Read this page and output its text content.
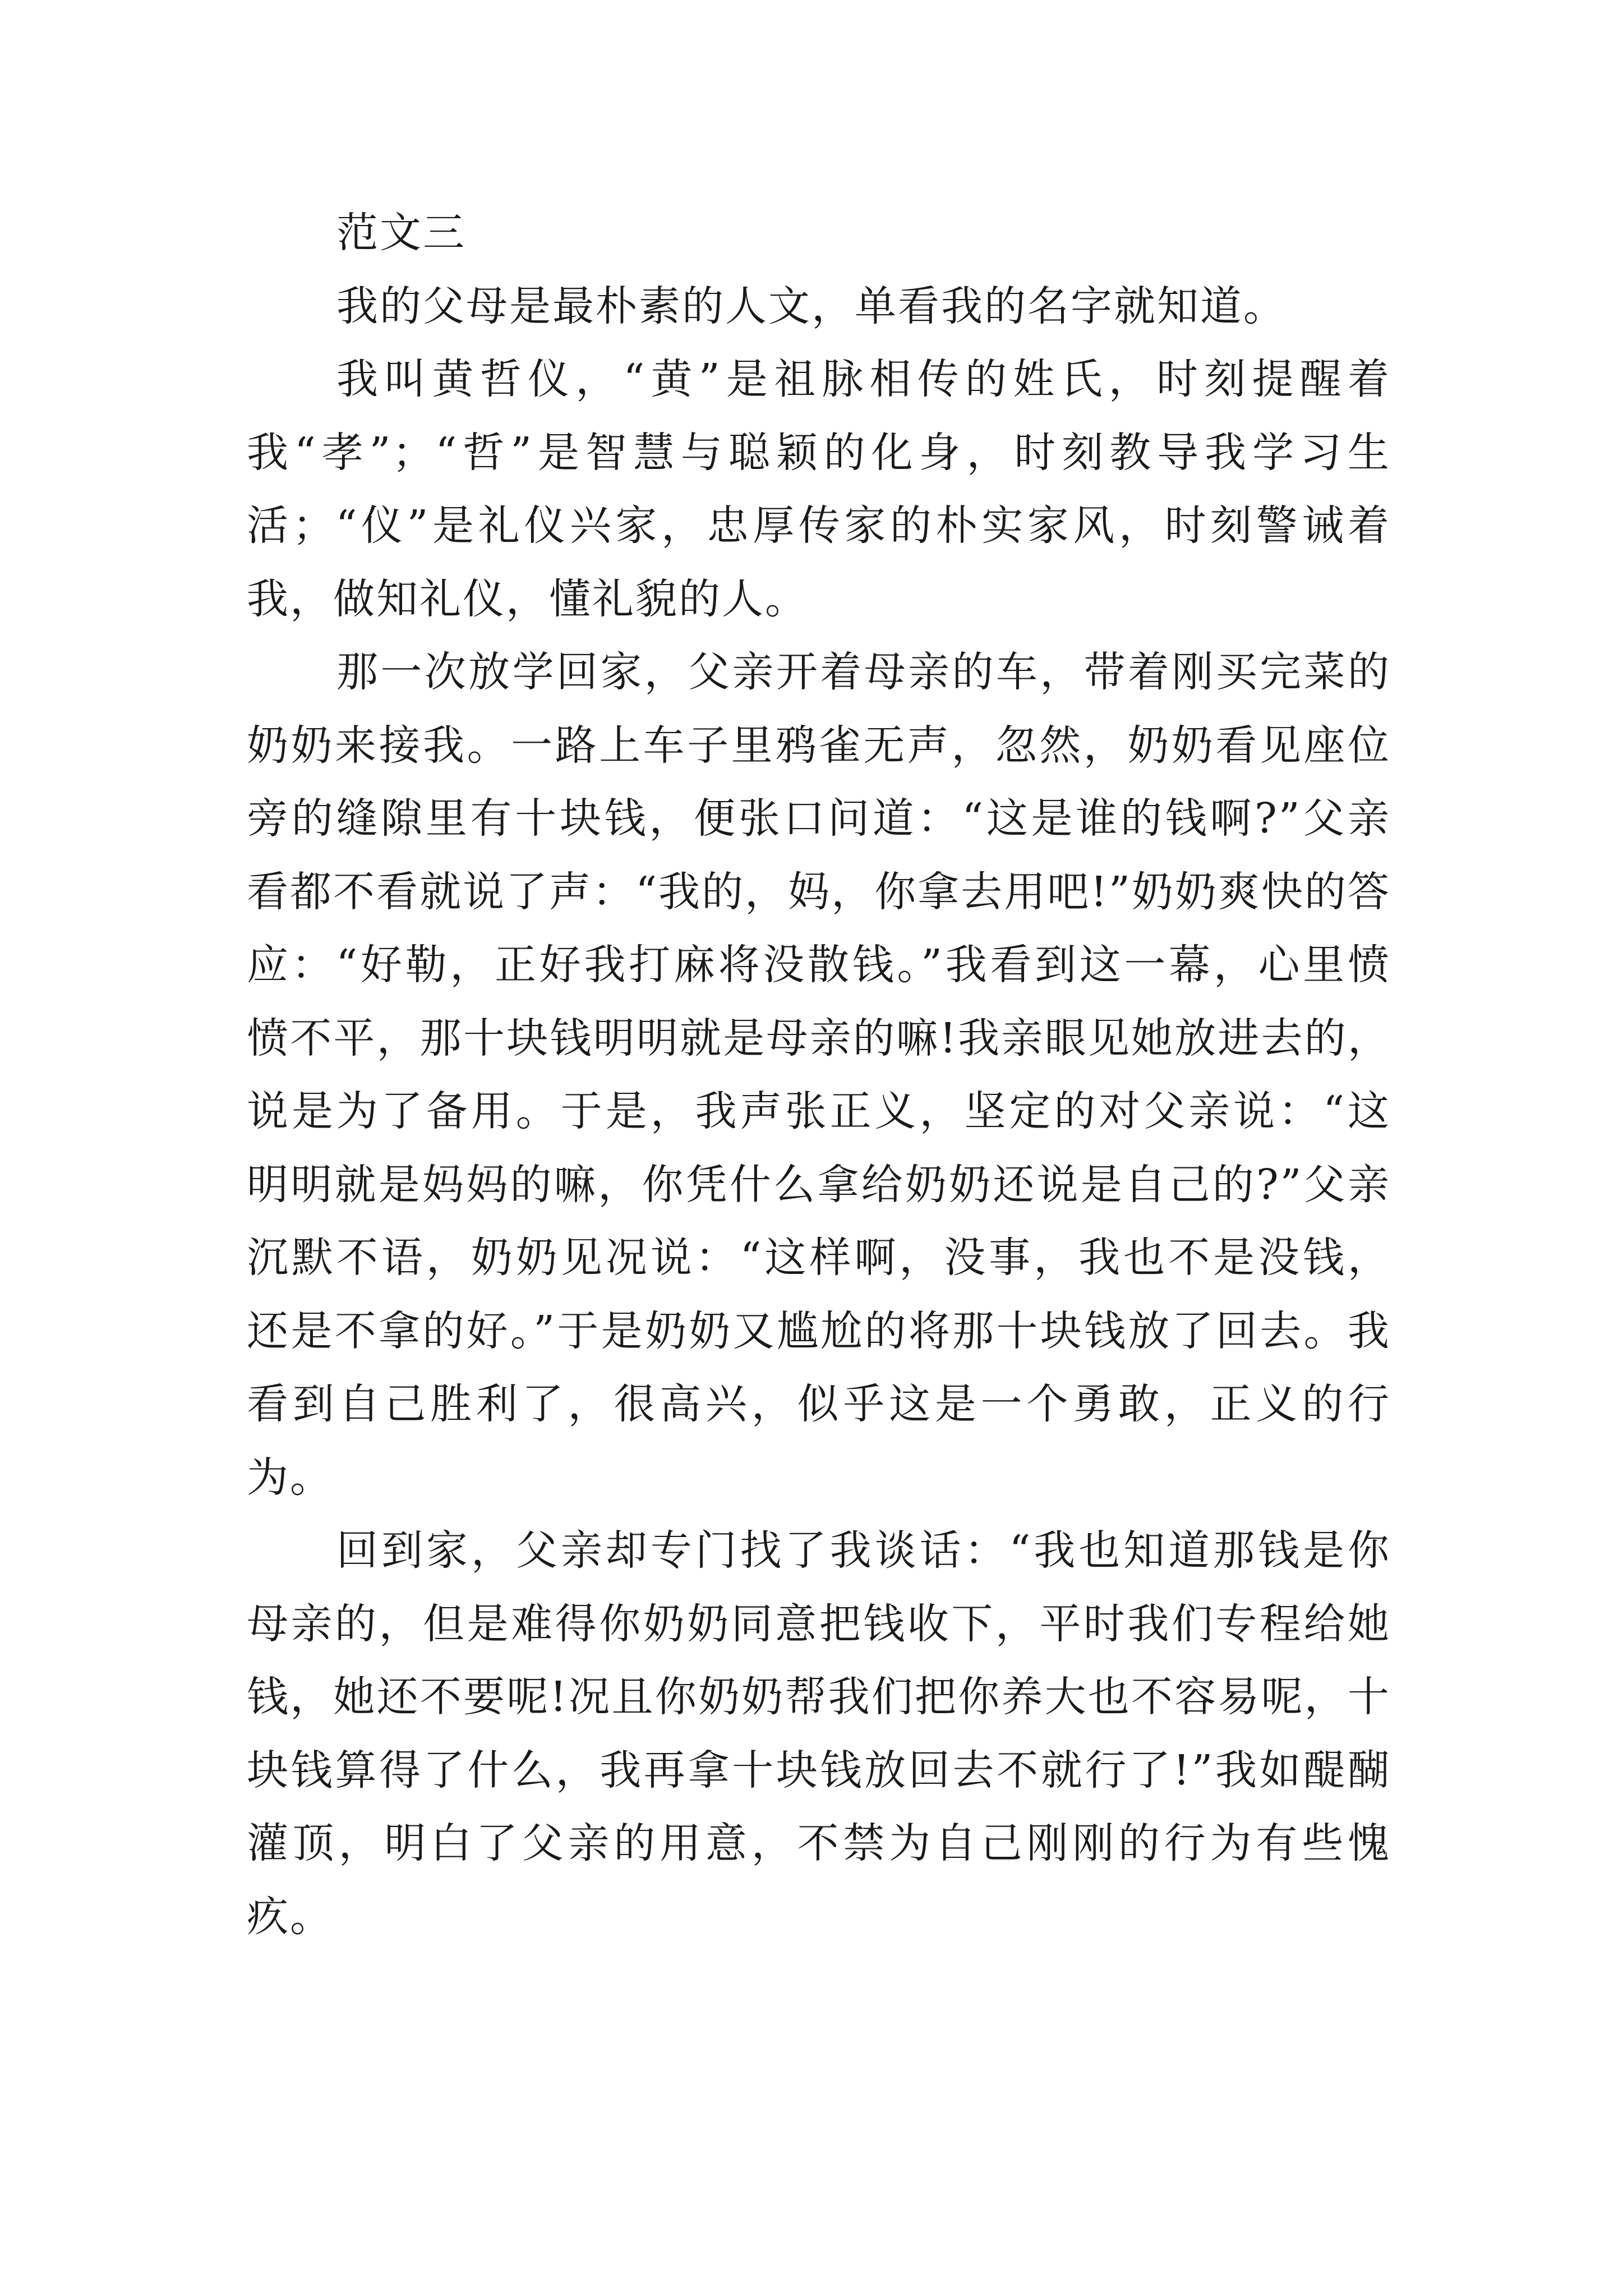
范文三

我的父母是最朴素的人文，单看我的名字就知道。

我叫黄哲仪，“黄”是祖脉相传的姓氏，时刻提醒着我“孝”；“哲”是智慧与聪颖的化身，时刻教导我学习生活；“仪”是礼仪兴家，忠厚传家的朴实家风，时刻警诫着我，做知礼仪，懂礼貌的人。

那一次放学回家，父亲开着母亲的车，带着刚买完菜的奶奶来接我。一路上车子里鸦雀无声，忽然，奶奶看见座位旁的缝隙里有十块钱，便张口问道：“这是谁的钱啊?”父亲看都不看就说了声：“我的，妈，你拿去用吧!”奶奶爽快的答应：“好勒，正好我打麻将没散钱。”我看到这一幕，心里愤愤不平，那十块钱明明就是母亲的嘛!我亲眼见她放进去的，说是为了备用。于是，我声张正义，坚定的对父亲说：“这明明就是妈妈的嘛，你凭什么拿给奶奶还说是自己的?”父亲沉默不语，奶奶见况说：“这样啊，没事，我也不是没钱，还是不拿的好。”于是奶奶又尴尬的将那十块钱放了回去。我看到自己胜利了，很高兴，似乎这是一个勇敢，正义的行为。

回到家，父亲却专门找了我谈话：“我也知道那钱是你母亲的，但是难得你奶奶同意把钱收下，平时我们专程给她钱，她还不要呢!况且你奶奶帮我们把你养大也不容易呢，十块钱算得了什么，我再拿十块钱放回去不就行了!”我如醍醐灌顶，明白了父亲的用意，不禁为自己刚刚的行为有些愧疚。
